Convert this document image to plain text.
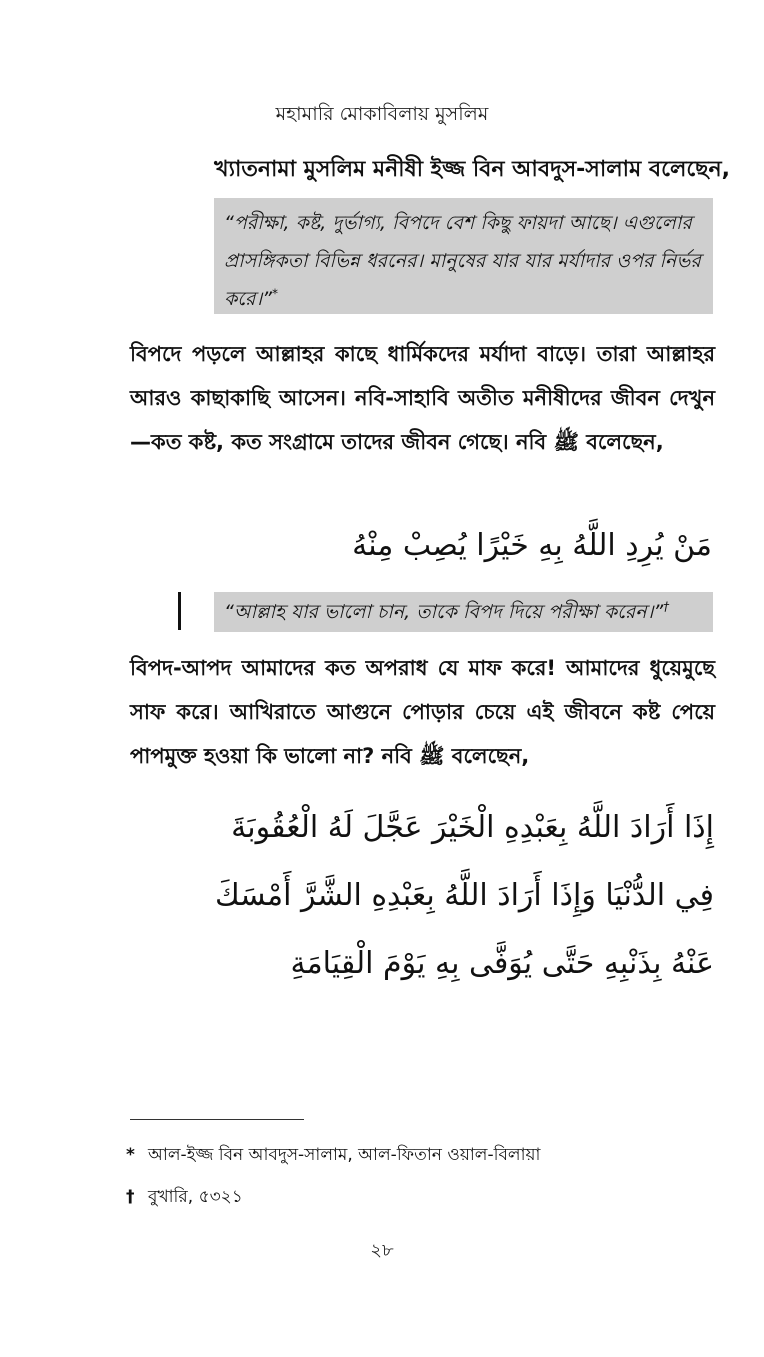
মহামারি মোকাবিলায় মুসলিম
খ্যাতনামা মুসলিম মনীষী ইজ্জ বিন আবদুস-সালাম বলেছেন,
“পরীক্ষা, কষ্ট, দুর্ভাগ্য, বিপদে বেশ কিছু ফায়দা আছে। এগুলোর প্রাসঙ্গিকতা বিভিন্ন ধরনের। মানুষের যার যার মর্যাদার ওপর নির্ভর করে।”*
বিপদে পড়লে আল্লাহর কাছে ধার্মিকদের মর্যাদা বাড়ে। তারা আল্লাহর আরও কাছাকাছি আসেন। নবি-সাহাবি অতীত মনীষীদের জীবন দেখুন—কত কষ্ট, কত সংগ্রামে তাদের জীবন গেছে। নবি ﷺ বলেছেন,
مَنْ يُرِدِ اللَّهُ بِهِ خَيْرًا يُصِبْ مِنْهُ
“আল্লাহ যার ভালো চান, তাকে বিপদ দিয়ে পরীক্ষা করেন।”†
বিপদ-আপদ আমাদের কত অপরাধ যে মাফ করে! আমাদের ধুয়েমুছে সাফ করে। আখিরাতে আগুনে পোড়ার চেয়ে এই জীবনে কষ্ট পেয়ে পাপমুক্ত হওয়া কি ভালো না? নবি ﷺ বলেছেন,
إِذَا أَرَادَ اللَّهُ بِعَبْدِهِ الْخَيْرَ عَجَّلَ لَهُ الْعُقُوبَةَ فِي الدُّنْيَا وَإِذَا أَرَادَ اللَّهُ بِعَبْدِهِ الشَّرَّ أَمْسَكَ عَنْهُ بِذَنْبِهِ حَتَّى يُوَفَّى بِهِ يَوْمَ الْقِيَامَةِ
* আল-ইজ্জ বিন আবদুস-সালাম, আল-ফিতান ওয়াল-বিলায়া
† বুখারি, ৫৩২১
২৮
